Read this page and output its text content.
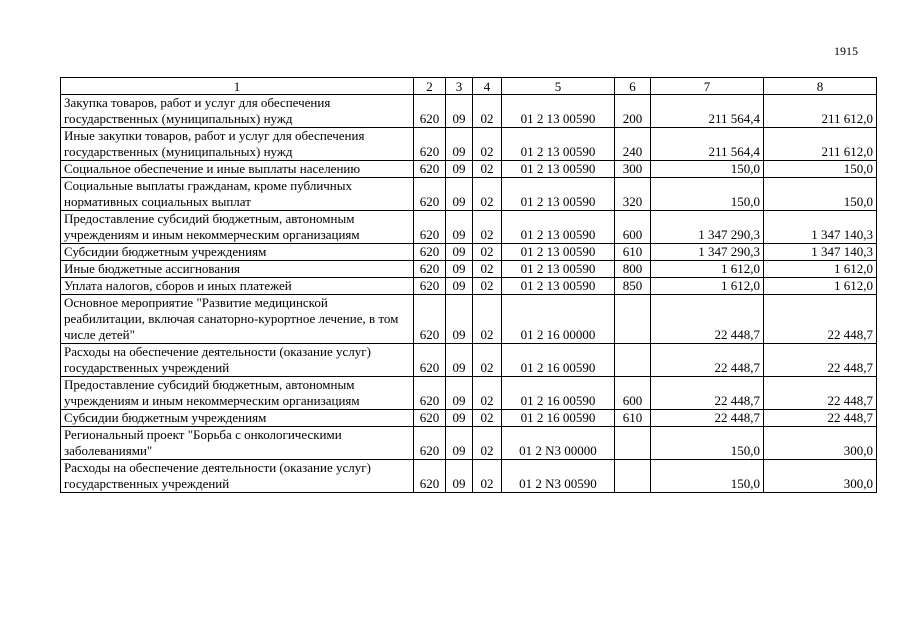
1915
1	2	3	4	5	6	7	8
Закупка товаров, работ и услуг для обеспечения государственных (муниципальных) нужд	620	09	02	01 2 13 00590	200	211 564,4	211 612,0
Иные закупки товаров, работ и услуг для обеспечения государственных (муниципальных) нужд	620	09	02	01 2 13 00590	240	211 564,4	211 612,0
Социальное обеспечение и иные выплаты населению	620	09	02	01 2 13 00590	300	150,0	150,0
Социальные выплаты гражданам, кроме публичных нормативных социальных выплат	620	09	02	01 2 13 00590	320	150,0	150,0
Предоставление субсидий бюджетным, автономным учреждениям и иным некоммерческим организациям	620	09	02	01 2 13 00590	600	1 347 290,3	1 347 140,3
Субсидии бюджетным учреждениям	620	09	02	01 2 13 00590	610	1 347 290,3	1 347 140,3
Иные бюджетные ассигнования	620	09	02	01 2 13 00590	800	1 612,0	1 612,0
Уплата налогов, сборов и иных платежей	620	09	02	01 2 13 00590	850	1 612,0	1 612,0
Основное мероприятие "Развитие медицинской реабилитации, включая санаторно-курортное лечение, в том числе детей"	620	09	02	01 2 16 00000		22 448,7	22 448,7
Расходы на обеспечение деятельности (оказание услуг) государственных учреждений	620	09	02	01 2 16 00590		22 448,7	22 448,7
Предоставление субсидий бюджетным, автономным учреждениям и иным некоммерческим организациям	620	09	02	01 2 16 00590	600	22 448,7	22 448,7
Субсидии бюджетным учреждениям	620	09	02	01 2 16 00590	610	22 448,7	22 448,7
Региональный проект "Борьба с онкологическими заболеваниями"	620	09	02	01 2 N3 00000		150,0	300,0
Расходы на обеспечение деятельности (оказание услуг) государственных учреждений	620	09	02	01 2 N3 00590		150,0	300,0
